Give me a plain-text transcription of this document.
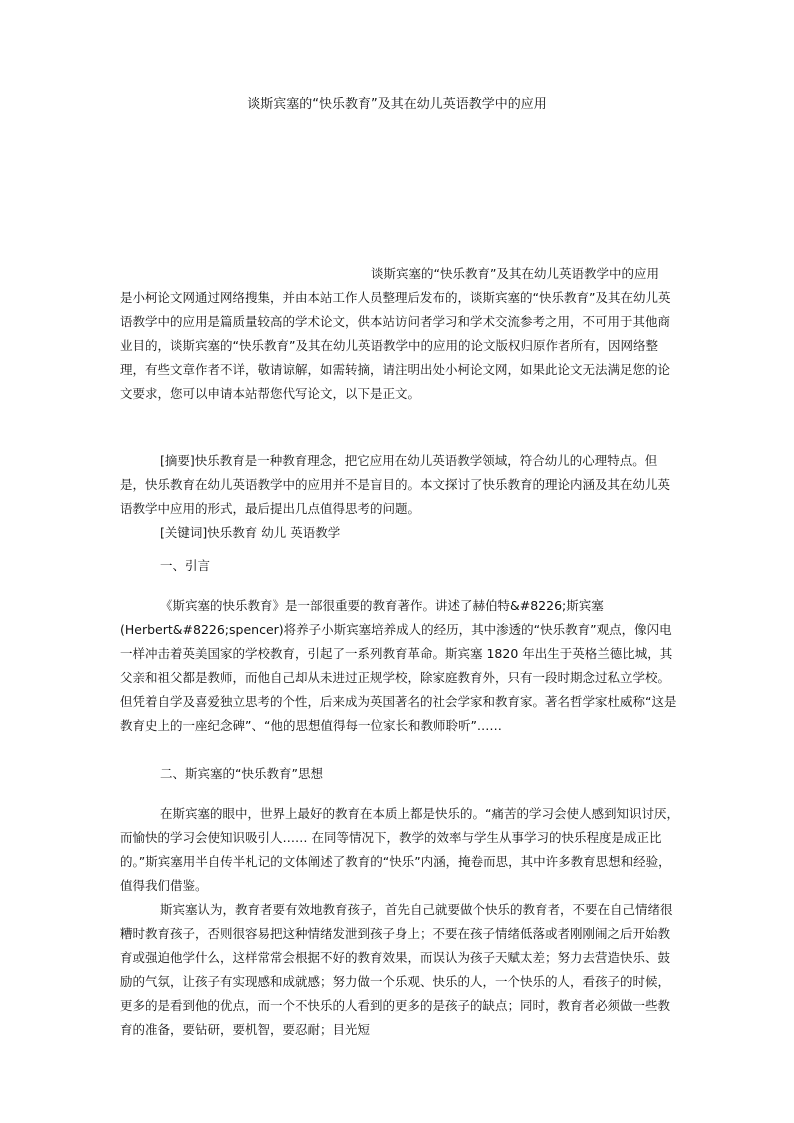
谈斯宾塞的“快乐教育”及其在幼儿英语教学中的应用
谈斯宾塞的“快乐教育”及其在幼儿英语教学中的应用
是小柯论文网通过网络搜集，并由本站工作人员整理后发布的，谈斯宾塞的“快乐教育”及其在幼儿英语教学中的应用是篇质量较高的学术论文，供本站访问者学习和学术交流参考之用，不可用于其他商业目的，谈斯宾塞的“快乐教育”及其在幼儿英语教学中的应用的论文版权归原作者所有，因网络整理，有些文章作者不详，敬请谅解，如需转摘，请注明出处小柯论文网，如果此论文无法满足您的论文要求，您可以申请本站帮您代写论文，以下是正文。

[摘要]快乐教育是一种教育理念，把它应用在幼儿英语教学领域，符合幼儿的心理特点。但是，快乐教育在幼儿英语教学中的应用并不是盲目的。本文探讨了快乐教育的理论内涵及其在幼儿英语教学中应用的形式，最后提出几点值得思考的问题。

[关键词]快乐教育 幼儿 英语教学

一、引言

《斯宾塞的快乐教育》是一部很重要的教育著作。讲述了赫伯特&#8226;斯宾塞(Herbert&#8226;spencer)将养子小斯宾塞培养成人的经历，其中渗透的“快乐教育”观点，像闪电一样冲击着英美国家的学校教育，引起了一系列教育革命。斯宾塞 1820 年出生于英格兰德比城，其父亲和祖父都是教师，而他自己却从未进过正规学校，除家庭教育外，只有一段时期念过私立学校。但凭着自学及喜爱独立思考的个性，后来成为英国著名的社会学家和教育家。著名哲学家杜威称“这是教育史上的一座纪念碑”、“他的思想值得每一位家长和教师聆听”……

二、斯宾塞的“快乐教育”思想

在斯宾塞的眼中，世界上最好的教育在本质上都是快乐的。“痛苦的学习会使人感到知识讨厌，而愉快的学习会使知识吸引人…… 在同等情况下，教学的效率与学生从事学习的快乐程度是成正比的。”斯宾塞用半自传半札记的文体阐述了教育的“快乐”内涵，掩卷而思，其中许多教育思想和经验，值得我们借鉴。

斯宾塞认为，教育者要有效地教育孩子，首先自己就要做个快乐的教育者，不要在自己情绪很糟时教育孩子，否则很容易把这种情绪发泄到孩子身上；不要在孩子情绪低落或者刚刚闹之后开始教育或强迫他学什么，这样常常会根据不好的教育效果，而误认为孩子天赋太差；努力去营造快乐、鼓励的气氛，让孩子有实现感和成就感；努力做一个乐观、快乐的人，一个快乐的人，看孩子的时候，更多的是看到他的优点，而一个不快乐的人看到的更多的是孩子的缺点；同时，教育者必须做一些教育的准备，要钻研，要机智，要忍耐；目光短
